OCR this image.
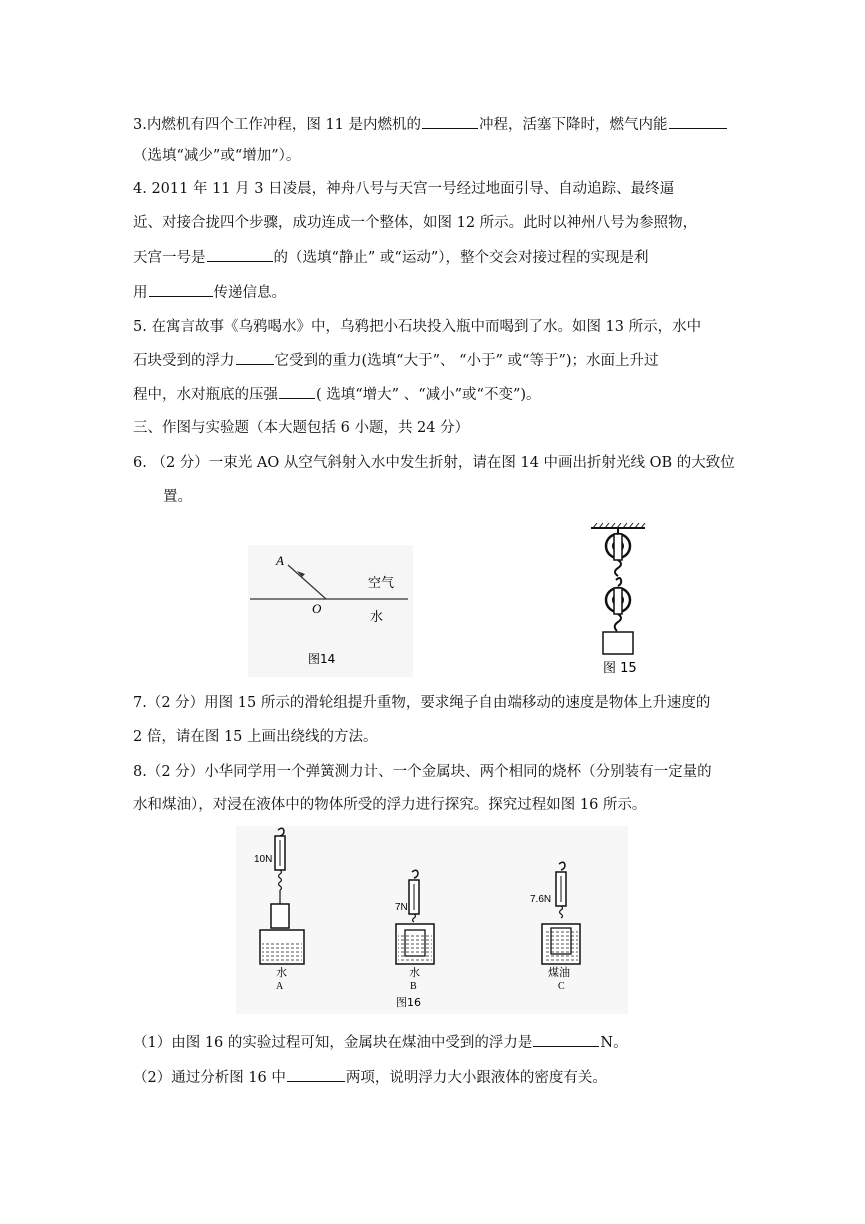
3.内燃机有四个工作冲程，图 11 是内燃机的	冲程，活塞下降时，燃气内能
（选填“减少”或“增加”）。
4. 2011 年 11 月 3 日凌晨，神舟八号与天宫一号经过地面引导、自动追踪、最终逼
近、对接合拢四个步骤，成功连成一个整体，如图 12 所示。此时以神州八号为参照物，
天宫一号是	的（选填“静止” 或“运动”），整个交会对接过程的实现是利
用	传递信息。
5. 在寓言故事《乌鸦喝水》中，乌鸦把小石块投入瓶中而喝到了水。如图 13 所示，水中
石块受到的浮力	它受到的重力(选填“大于”、 “小于” 或“等于”)；水面上升过
程中，水对瓶底的压强	( 选填“增大” 、“减小”或“不变”)。
三、作图与实验题（本大题包括 6 小题，共 24 分）
6. （2 分）一束光 AO 从空气斜射入水中发生折射，请在图 14 中画出折射光线 OB 的大致位
置。
A
O
空气
水
图14
图 15
7.（2 分）用图 15 所示的滑轮组提升重物，要求绳子自由端移动的速度是物体上升速度的
2 倍，请在图 15 上画出绕线的方法。
8.（2 分）小华同学用一个弹簧测力计、一个金属块、两个相同的烧杯（分别装有一定量的
水和煤油），对浸在液体中的物体所受的浮力进行探究。探究过程如图 16 所示。
10N
水
A
7N
水
B
图16
7.6N
煤油
C
（1）由图 16 的实验过程可知，金属块在煤油中受到的浮力是	N。
（2）通过分析图 16 中	两项，说明浮力大小跟液体的密度有关。
